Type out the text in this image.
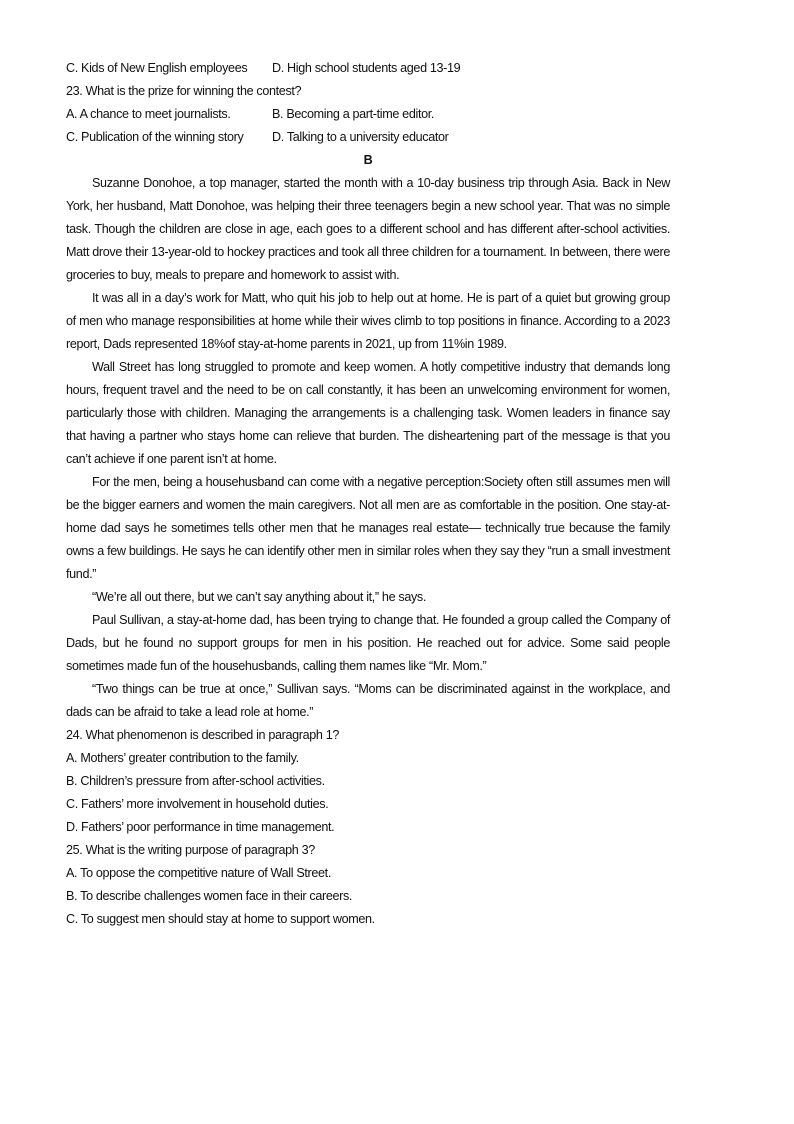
C. Kids of New English employees	D. High school students aged 13-19
23. What is the prize for winning the contest?
A. A chance to meet journalists.	B. Becoming a part-time editor.
C. Publication of the winning story	D. Talking to a university educator
B

Suzanne Donohoe, a top manager, started the month with a 10-day business trip through Asia. Back in New York, her husband, Matt Donohoe, was helping their three teenagers begin a new school year. That was no simple task. Though the children are close in age, each goes to a different school and has different after-school activities. Matt drove their 13-year-old to hockey practices and took all three children for a tournament. In between, there were groceries to buy, meals to prepare and homework to assist with.

It was all in a day’s work for Matt, who quit his job to help out at home. He is part of a quiet but growing group of men who manage responsibilities at home while their wives climb to top positions in finance. According to a 2023 report, Dads represented 18%of stay-at-home parents in 2021, up from 11%in 1989.

Wall Street has long struggled to promote and keep women. A hotly competitive industry that demands long hours, frequent travel and the need to be on call constantly, it has been an unwelcoming environment for women, particularly those with children. Managing the arrangements is a challenging task. Women leaders in finance say that having a partner who stays home can relieve that burden. The disheartening part of the message is that you can’t achieve if one parent isn’t at home.

For the men, being a househusband can come with a negative perception:Society often still assumes men will be the bigger earners and women the main caregivers. Not all men are as comfortable in the position. One stay-at-home dad says he sometimes tells other men that he manages real estate— technically true because the family owns a few buildings. He says he can identify other men in similar roles when they say they “run a small investment fund.”

“We’re all out there, but we can’t say anything about it,” he says.

Paul Sullivan, a stay-at-home dad, has been trying to change that. He founded a group called the Company of Dads, but he found no support groups for men in his position. He reached out for advice. Some said people sometimes made fun of the househusbands, calling them names like “Mr. Mom.”

“Two things can be true at once,” Sullivan says. “Moms can be discriminated against in the workplace, and dads can be afraid to take a lead role at home.”

24. What phenomenon is described in paragraph 1?
A. Mothers’ greater contribution to the family.
B. Children’s pressure from after-school activities.
C. Fathers’ more involvement in household duties.
D. Fathers’ poor performance in time management.
25. What is the writing purpose of paragraph 3?
A. To oppose the competitive nature of Wall Street.
B. To describe challenges women face in their careers.
C. To suggest men should stay at home to support women.
